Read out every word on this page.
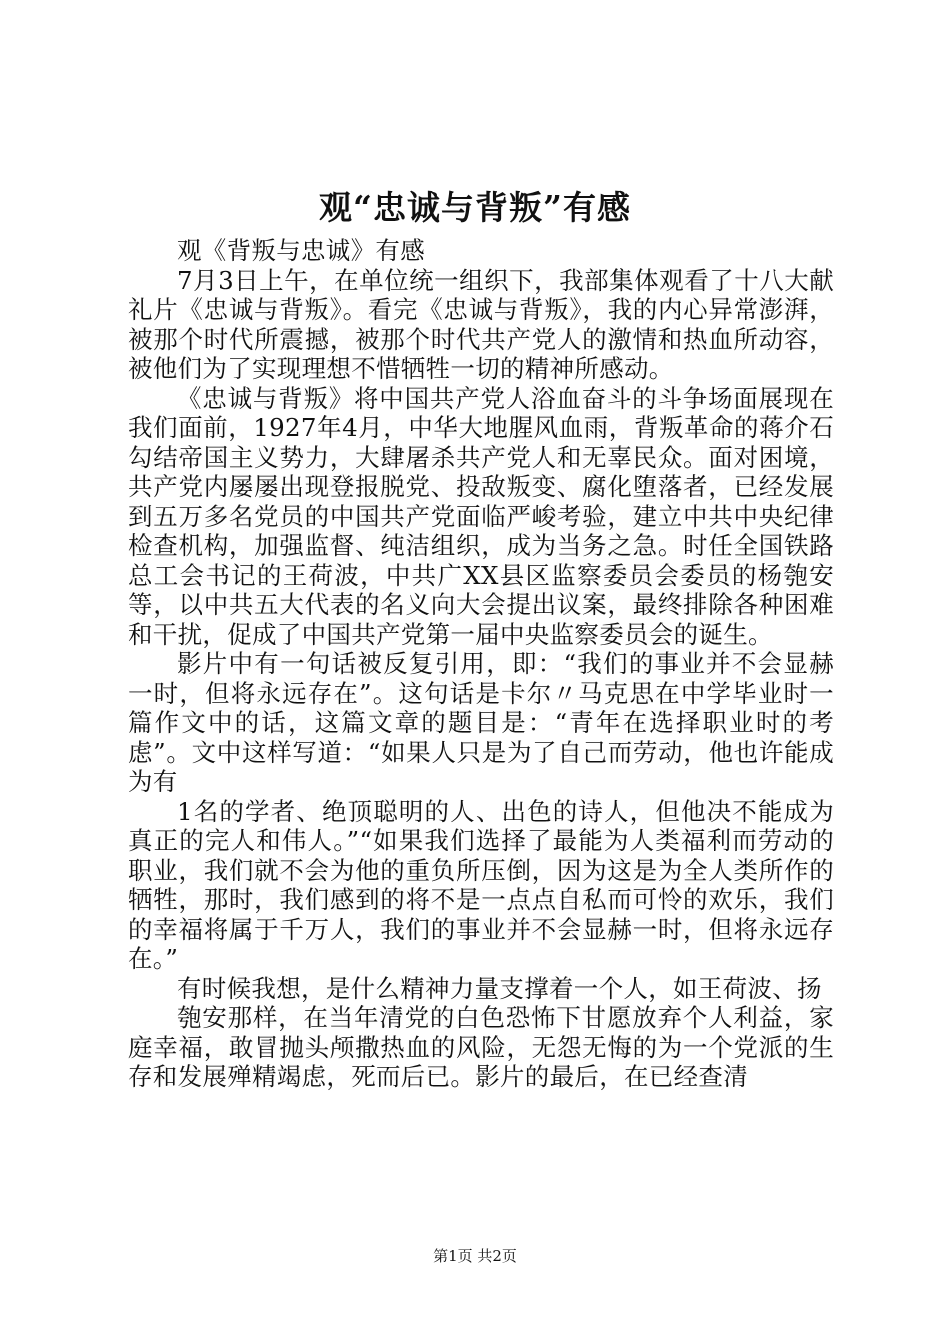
观“忠诚与背叛”有感

观《背叛与忠诚》有感

7月3日上午，在单位统一组织下，我部集体观看了十八大献礼片《忠诚与背叛》。看完《忠诚与背叛》，我的内心异常澎湃，被那个时代所震撼，被那个时代共产党人的激情和热血所动容，被他们为了实现理想不惜牺牲一切的精神所感动。

《忠诚与背叛》将中国共产党人浴血奋斗的斗争场面展现在我们面前，1927年4月，中华大地腥风血雨，背叛革命的蒋介石勾结帝国主义势力，大肆屠杀共产党人和无辜民众。面对困境，共产党内屡屡出现登报脱党、投敌叛变、腐化堕落者，已经发展到五万多名党员的中国共产党面临严峻考验，建立中共中央纪律检查机构，加强监督、纯洁组织，成为当务之急。时任全国铁路总工会书记的王荷波，中共广XX县区监察委员会委员的杨匏安等，以中共五大代表的名义向大会提出议案，最终排除各种困难和干扰，促成了中国共产党第一届中央监察委员会的诞生。

影片中有一句话被反复引用，即：“我们的事业并不会显赫一时，但将永远存在”。这句话是卡尔〃马克思在中学毕业时一篇作文中的话，这篇文章的题目是：“青年在选择职业时的考虑”。文中这样写道：“如果人只是为了自己而劳动，他也许能成为有

1名的学者、绝顶聪明的人、出色的诗人，但他决不能成为真正的完人和伟人。”“如果我们选择了最能为人类福利而劳动的职业，我们就不会为他的重负所压倒，因为这是为全人类所作的牺牲，那时，我们感到的将不是一点点自私而可怜的欢乐，我们的幸福将属于千万人，我们的事业并不会显赫一时，但将永远存在。”

有时候我想，是什么精神力量支撑着一个人，如王荷波、扬

匏安那样，在当年清党的白色恐怖下甘愿放弃个人利益，家庭幸福，敢冒抛头颅撒热血的风险，无怨无悔的为一个党派的生存和发展殚精竭虑，死而后已。影片的最后，在已经查清

第1页 共2页
